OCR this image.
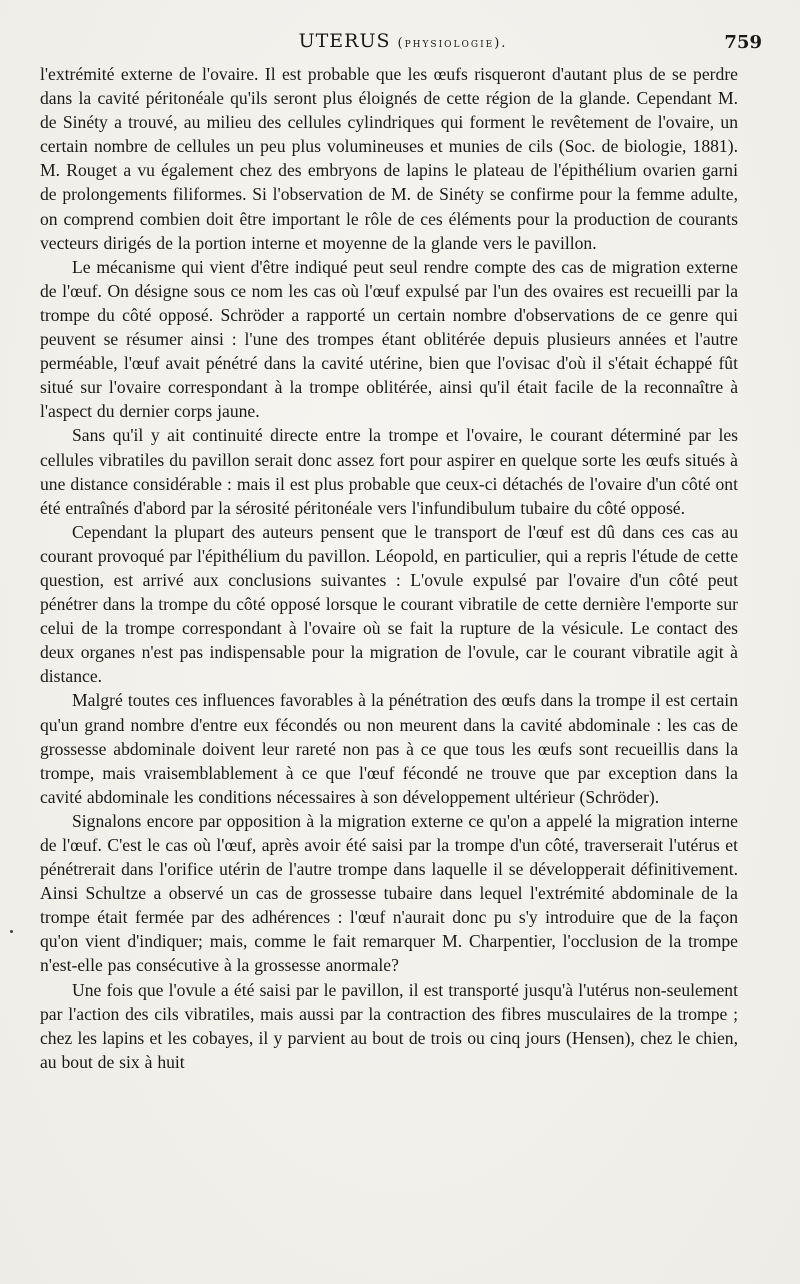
UTERUS (physiologie).	759

l'extrémité externe de l'ovaire. Il est probable que les œufs risqueront d'autant plus de se perdre dans la cavité péritonéale qu'ils seront plus éloignés de cette région de la glande. Cependant M. de Sinéty a trouvé, au milieu des cellules cylindriques qui forment le revêtement de l'ovaire, un certain nombre de cellules un peu plus volumineuses et munies de cils (Soc. de biologie, 1881). M. Rouget a vu également chez des embryons de lapins le plateau de l'épithélium ovarien garni de prolongements filiformes. Si l'observation de M. de Sinéty se confirme pour la femme adulte, on comprend combien doit être important le rôle de ces éléments pour la production de courants vecteurs dirigés de la portion interne et moyenne de la glande vers le pavillon.

Le mécanisme qui vient d'être indiqué peut seul rendre compte des cas de migration externe de l'œuf. On désigne sous ce nom les cas où l'œuf expulsé par l'un des ovaires est recueilli par la trompe du côté opposé. Schröder a rapporté un certain nombre d'observations de ce genre qui peuvent se résumer ainsi : l'une des trompes étant oblitérée depuis plusieurs années et l'autre perméable, l'œuf avait pénétré dans la cavité utérine, bien que l'ovisac d'où il s'était échappé fût situé sur l'ovaire correspondant à la trompe oblitérée, ainsi qu'il était facile de la reconnaître à l'aspect du dernier corps jaune.

Sans qu'il y ait continuité directe entre la trompe et l'ovaire, le courant déterminé par les cellules vibratiles du pavillon serait donc assez fort pour aspirer en quelque sorte les œufs situés à une distance considérable : mais il est plus probable que ceux-ci détachés de l'ovaire d'un côté ont été entraînés d'abord par la sérosité péritonéale vers l'infundibulum tubaire du côté opposé.

Cependant la plupart des auteurs pensent que le transport de l'œuf est dû dans ces cas au courant provoqué par l'épithélium du pavillon. Léopold, en particulier, qui a repris l'étude de cette question, est arrivé aux conclusions suivantes : L'ovule expulsé par l'ovaire d'un côté peut pénétrer dans la trompe du côté opposé lorsque le courant vibratile de cette dernière l'emporte sur celui de la trompe correspondant à l'ovaire où se fait la rupture de la vésicule. Le contact des deux organes n'est pas indispensable pour la migration de l'ovule, car le courant vibratile agit à distance.

Malgré toutes ces influences favorables à la pénétration des œufs dans la trompe il est certain qu'un grand nombre d'entre eux fécondés ou non meurent dans la cavité abdominale : les cas de grossesse abdominale doivent leur rareté non pas à ce que tous les œufs sont recueillis dans la trompe, mais vraisemblablement à ce que l'œuf fécondé ne trouve que par exception dans la cavité abdominale les conditions nécessaires à son développement ultérieur (Schröder).

Signalons encore par opposition à la migration externe ce qu'on a appelé la migration interne de l'œuf. C'est le cas où l'œuf, après avoir été saisi par la trompe d'un côté, traverserait l'utérus et pénétrerait dans l'orifice utérin de l'autre trompe dans laquelle il se développerait définitivement. Ainsi Schultze a observé un cas de grossesse tubaire dans lequel l'extrémité abdominale de la trompe était fermée par des adhérences : l'œuf n'aurait donc pu s'y introduire que de la façon qu'on vient d'indiquer; mais, comme le fait remarquer M. Charpentier, l'occlusion de la trompe n'est-elle pas consécutive à la grossesse anormale?

Une fois que l'ovule a été saisi par le pavillon, il est transporté jusqu'à l'utérus non-seulement par l'action des cils vibratiles, mais aussi par la contraction des fibres musculaires de la trompe ; chez les lapins et les cobayes, il y parvient au bout de trois ou cinq jours (Hensen), chez le chien, au bout de six à huit
